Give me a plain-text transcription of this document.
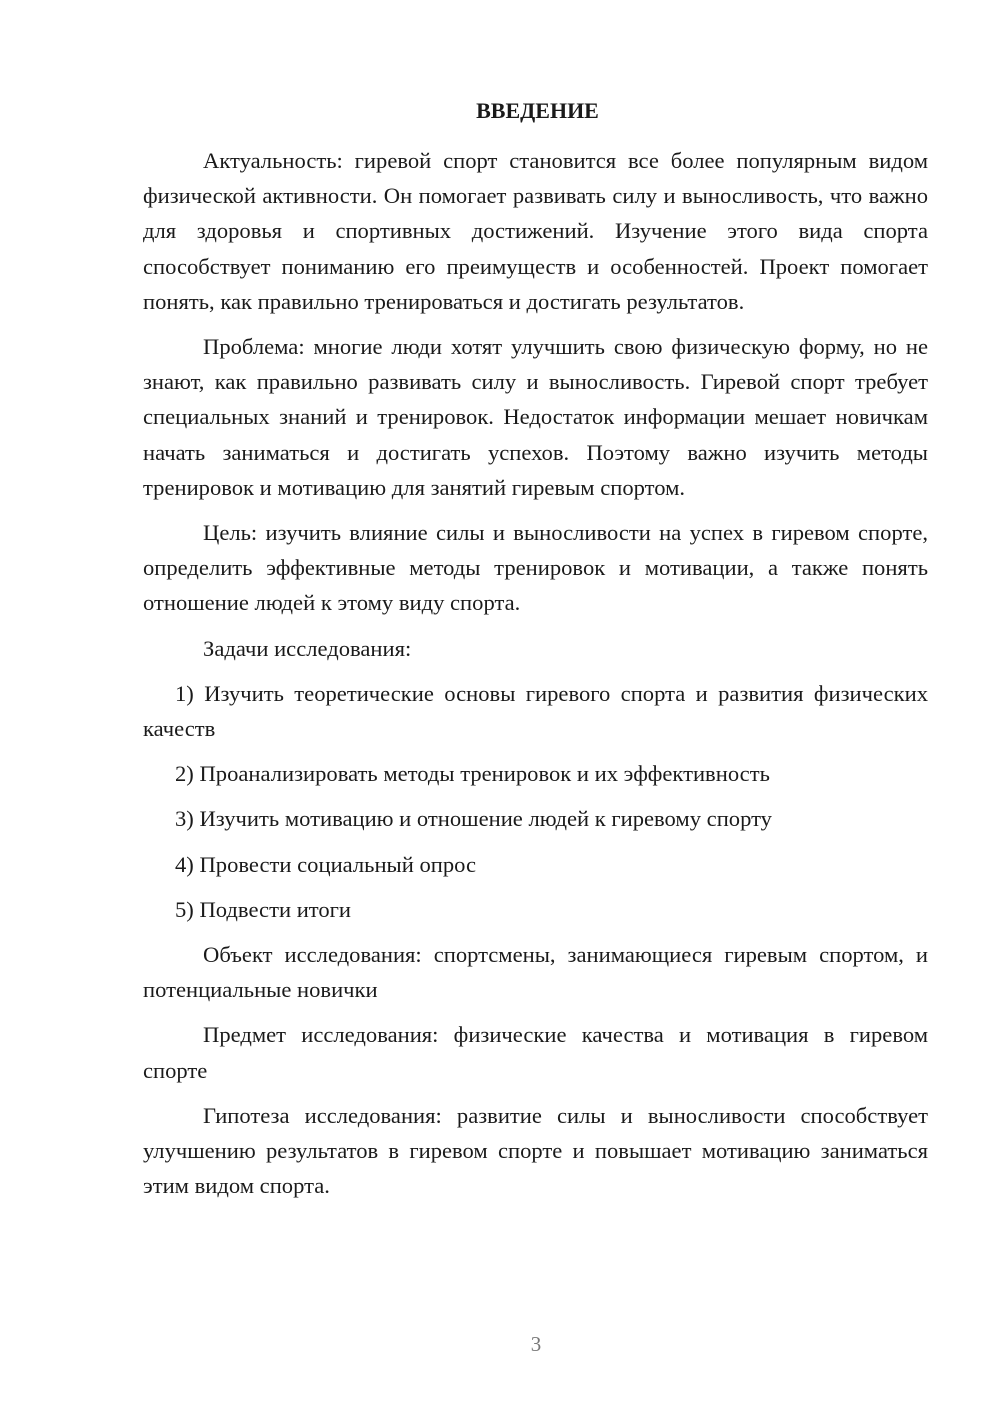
ВВЕДЕНИЕ

Актуальность: гиревой спорт становится все более популярным видом физической активности. Он помогает развивать силу и выносливость, что важно для здоровья и спортивных достижений. Изучение этого вида спорта способствует пониманию его преимуществ и особенностей. Проект помогает понять, как правильно тренироваться и достигать результатов.

Проблема: многие люди хотят улучшить свою физическую форму, но не знают, как правильно развивать силу и выносливость. Гиревой спорт требует специальных знаний и тренировок. Недостаток информации мешает новичкам начать заниматься и достигать успехов. Поэтому важно изучить методы тренировок и мотивацию для занятий гиревым спортом.

Цель: изучить влияние силы и выносливости на успех в гиревом спорте, определить эффективные методы тренировок и мотивации, а также понять отношение людей к этому виду спорта.

Задачи исследования:

1) Изучить теоретические основы гиревого спорта и развития физических качеств

2) Проанализировать методы тренировок и их эффективность

3) Изучить мотивацию и отношение людей к гиревому спорту

4) Провести социальный опрос

5) Подвести итоги

Объект исследования: спортсмены, занимающиеся гиревым спортом, и потенциальные новички

Предмет исследования: физические качества и мотивация в гиревом спорте

Гипотеза исследования: развитие силы и выносливости способствует улучшению результатов в гиревом спорте и повышает мотивацию заниматься этим видом спорта.

3
